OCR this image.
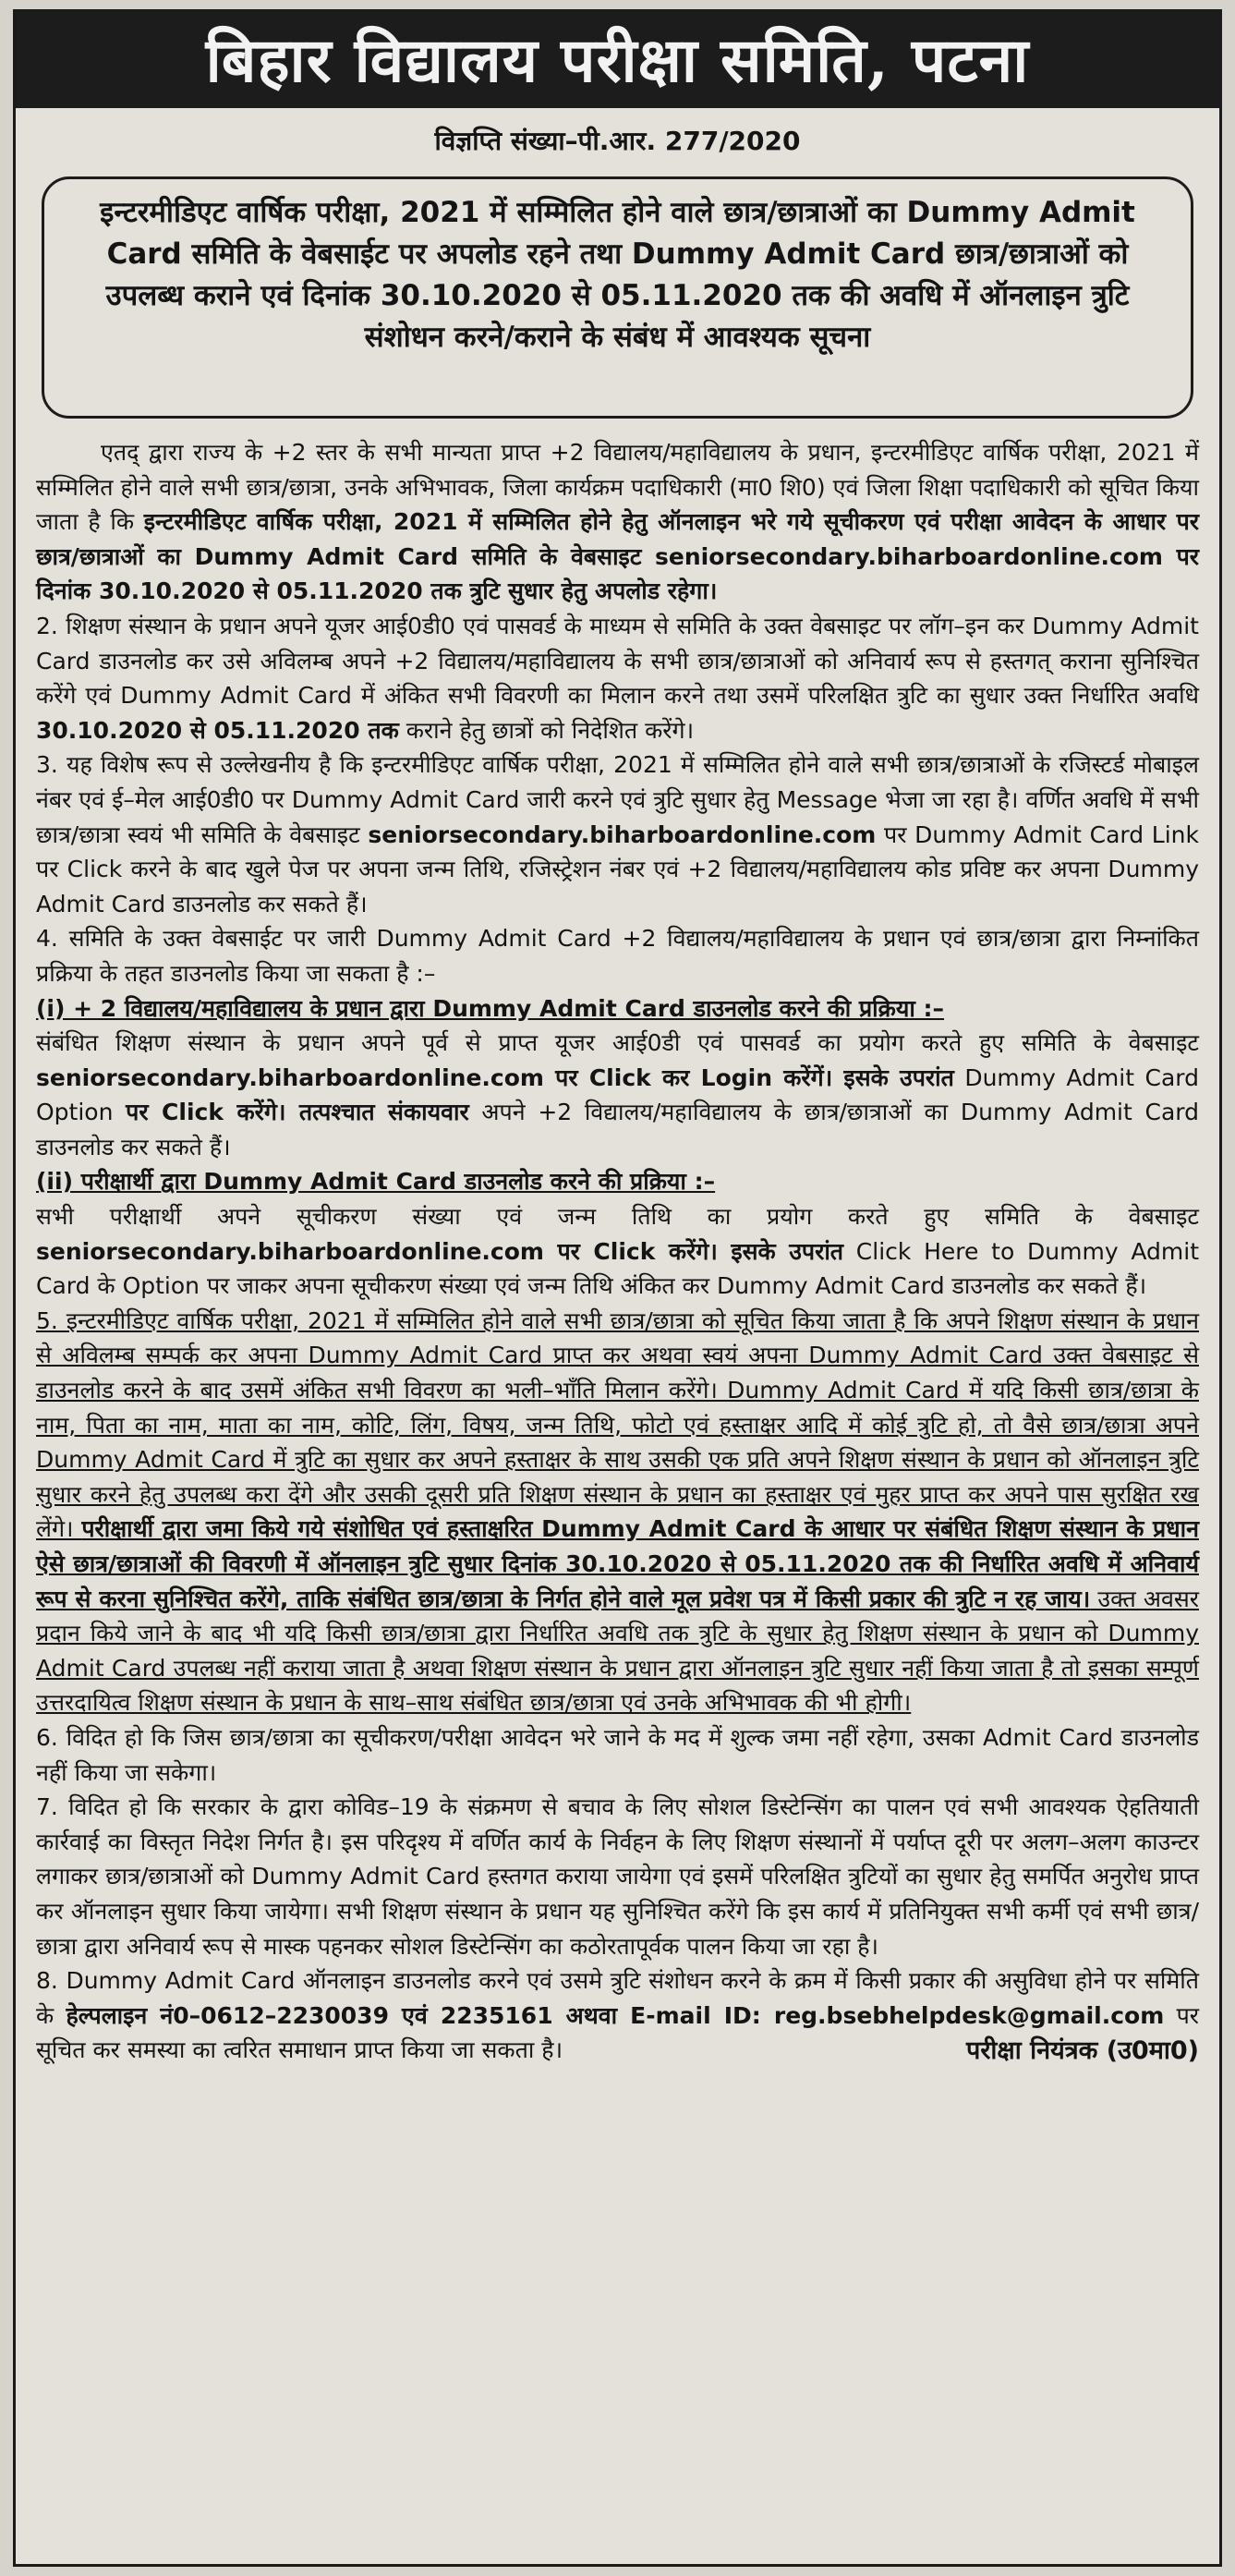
बिहार विद्यालय परीक्षा समिति, पटना
विज्ञप्ति संख्या–पी.आर. 277/2020
इन्टरमीडिएट वार्षिक परीक्षा, 2021 में सम्मिलित होने वाले छात्र/छात्राओं का Dummy Admit Card समिति के वेबसाईट पर अपलोड रहने तथा Dummy Admit Card छात्र/छात्राओं को उपलब्ध कराने एवं दिनांक 30.10.2020 से 05.11.2020 तक की अवधि में ऑनलाइन त्रुटि संशोधन करने/कराने के संबंध में आवश्यक सूचना

एतद् द्वारा राज्य के +2 स्तर के सभी मान्यता प्राप्त +2 विद्यालय/महाविद्यालय के प्रधान, इन्टरमीडिएट वार्षिक परीक्षा, 2021 में सम्मिलित होने वाले सभी छात्र/छात्रा, उनके अभिभावक, जिला कार्यक्रम पदाधिकारी (मा0 शि0) एवं जिला शिक्षा पदाधिकारी को सूचित किया जाता है कि इन्टरमीडिएट वार्षिक परीक्षा, 2021 में सम्मिलित होने हेतु ऑनलाइन भरे गये सूचीकरण एवं परीक्षा आवेदन के आधार पर छात्र/छात्राओं का Dummy Admit Card समिति के वेबसाइट seniorsecondary.biharboardonline.com पर दिनांक 30.10.2020 से 05.11.2020 तक त्रुटि सुधार हेतु अपलोड रहेगा।

2. शिक्षण संस्थान के प्रधान अपने यूजर आई0डी0 एवं पासवर्ड के माध्यम से समिति के उक्त वेबसाइट पर लॉग–इन कर Dummy Admit Card डाउनलोड कर उसे अविलम्ब अपने +2 विद्यालय/महाविद्यालय के सभी छात्र/छात्राओं को अनिवार्य रूप से हस्तगत् कराना सुनिश्चित करेंगे एवं Dummy Admit Card में अंकित सभी विवरणी का मिलान करने तथा उसमें परिलक्षित त्रुटि का सुधार उक्त निर्धारित अवधि 30.10.2020 से 05.11.2020 तक कराने हेतु छात्रों को निदेशित करेंगे।

3. यह विशेष रूप से उल्लेखनीय है कि इन्टरमीडिएट वार्षिक परीक्षा, 2021 में सम्मिलित होने वाले सभी छात्र/छात्राओं के रजिस्टर्ड मोबाइल नंबर एवं ई–मेल आई0डी0 पर Dummy Admit Card जारी करने एवं त्रुटि सुधार हेतु Message भेजा जा रहा है। वर्णित अवधि में सभी छात्र/छात्रा स्वयं भी समिति के वेबसाइट seniorsecondary.biharboardonline.com पर Dummy Admit Card Link पर Click करने के बाद खुले पेज पर अपना जन्म तिथि, रजिस्ट्रेशन नंबर एवं +2 विद्यालय/महाविद्यालय कोड प्रविष्ट कर अपना Dummy Admit Card डाउनलोड कर सकते हैं।

4. समिति के उक्त वेबसाईट पर जारी Dummy Admit Card +2 विद्यालय/महाविद्यालय के प्रधान एवं छात्र/छात्रा द्वारा निम्नांकित प्रक्रिया के तहत डाउनलोड किया जा सकता है :–

(i) + 2 विद्यालय/महाविद्यालय के प्रधान द्वारा Dummy Admit Card डाउनलोड करने की प्रक्रिया :–

संबंधित शिक्षण संस्थान के प्रधान अपने पूर्व से प्राप्त यूजर आई0डी एवं पासवर्ड का प्रयोग करते हुए समिति के वेबसाइट seniorsecondary.biharboardonline.com पर Click कर Login करेंगें। इसके उपरांत Dummy Admit Card Option पर Click करेंगे। तत्पश्चात संकायवार अपने +2 विद्यालय/महाविद्यालय के छात्र/छात्राओं का Dummy Admit Card डाउनलोड कर सकते हैं।

(ii) परीक्षार्थी द्वारा Dummy Admit Card डाउनलोड करने की प्रक्रिया :–

सभी परीक्षार्थी अपने सूचीकरण संख्या एवं जन्म तिथि का प्रयोग करते हुए समिति के वेबसाइट seniorsecondary.biharboardonline.com पर Click करेंगे। इसके उपरांत Click Here to Dummy Admit Card के Option पर जाकर अपना सूचीकरण संख्या एवं जन्म तिथि अंकित कर Dummy Admit Card डाउनलोड कर सकते हैं।

5. इन्टरमीडिएट वार्षिक परीक्षा, 2021 में सम्मिलित होने वाले सभी छात्र/छात्रा को सूचित किया जाता है कि अपने शिक्षण संस्थान के प्रधान से अविलम्ब सम्पर्क कर अपना Dummy Admit Card प्राप्त कर अथवा स्वयं अपना Dummy Admit Card उक्त वेबसाइट से डाउनलोड करने के बाद उसमें अंकित सभी विवरण का भली–भाँति मिलान करेंगे। Dummy Admit Card में यदि किसी छात्र/छात्रा के नाम, पिता का नाम, माता का नाम, कोटि, लिंग, विषय, जन्म तिथि, फोटो एवं हस्ताक्षर आदि में कोई त्रुटि हो, तो वैसे छात्र/छात्रा अपने Dummy Admit Card में त्रुटि का सुधार कर अपने हस्ताक्षर के साथ उसकी एक प्रति अपने शिक्षण संस्थान के प्रधान को ऑनलाइन त्रुटि सुधार करने हेतु उपलब्ध करा देंगे और उसकी दूसरी प्रति शिक्षण संस्थान के प्रधान का हस्ताक्षर एवं मुहर प्राप्त कर अपने पास सुरक्षित रख लेंगे। परीक्षार्थी द्वारा जमा किये गये संशोधित एवं हस्ताक्षरित Dummy Admit Card के आधार पर संबंधित शिक्षण संस्थान के प्रधान ऐसे छात्र/छात्राओं की विवरणी में ऑनलाइन त्रुटि सुधार दिनांक 30.10.2020 से 05.11.2020 तक की निर्धारित अवधि में अनिवार्य रूप से करना सुनिश्चित करेंगे, ताकि संबंधित छात्र/छात्रा के निर्गत होने वाले मूल प्रवेश पत्र में किसी प्रकार की त्रुटि न रह जाय। उक्त अवसर प्रदान किये जाने के बाद भी यदि किसी छात्र/छात्रा द्वारा निर्धारित अवधि तक त्रुटि के सुधार हेतु शिक्षण संस्थान के प्रधान को Dummy Admit Card उपलब्ध नहीं कराया जाता है अथवा शिक्षण संस्थान के प्रधान द्वारा ऑनलाइन त्रुटि सुधार नहीं किया जाता है तो इसका सम्पूर्ण उत्तरदायित्व शिक्षण संस्थान के प्रधान के साथ–साथ संबंधित छात्र/छात्रा एवं उनके अभिभावक की भी होगी।

6. विदित हो कि जिस छात्र/छात्रा का सूचीकरण/परीक्षा आवेदन भरे जाने के मद में शुल्क जमा नहीं रहेगा, उसका Admit Card डाउनलोड नहीं किया जा सकेगा।

7. विदित हो कि सरकार के द्वारा कोविड–19 के संक्रमण से बचाव के लिए सोशल डिस्टेन्सिंग का पालन एवं सभी आवश्यक ऐहतियाती कार्रवाई का विस्तृत निदेश निर्गत है। इस परिदृश्य में वर्णित कार्य के निर्वहन के लिए शिक्षण संस्थानों में पर्याप्त दूरी पर अलग–अलग काउन्टर लगाकर छात्र/छात्राओं को Dummy Admit Card हस्तगत कराया जायेगा एवं इसमें परिलक्षित त्रुटियों का सुधार हेतु समर्पित अनुरोध प्राप्त कर ऑनलाइन सुधार किया जायेगा। सभी शिक्षण संस्थान के प्रधान यह सुनिश्चित करेंगे कि इस कार्य में प्रतिनियुक्त सभी कर्मी एवं सभी छात्र/छात्रा द्वारा अनिवार्य रूप से मास्क पहनकर सोशल डिस्टेन्सिंग का कठोरतापूर्वक पालन किया जा रहा है।

8. Dummy Admit Card ऑनलाइन डाउनलोड करने एवं उसमे त्रुटि संशोधन करने के क्रम में किसी प्रकार की असुविधा होने पर समिति के हेल्पलाइन नं0–0612–2230039 एवं 2235161 अथवा E-mail ID: reg.bsebhelpdesk@gmail.com पर सूचित कर समस्या का त्वरित समाधान प्राप्त किया जा सकता है।	परीक्षा नियंत्रक (उ0मा0)
